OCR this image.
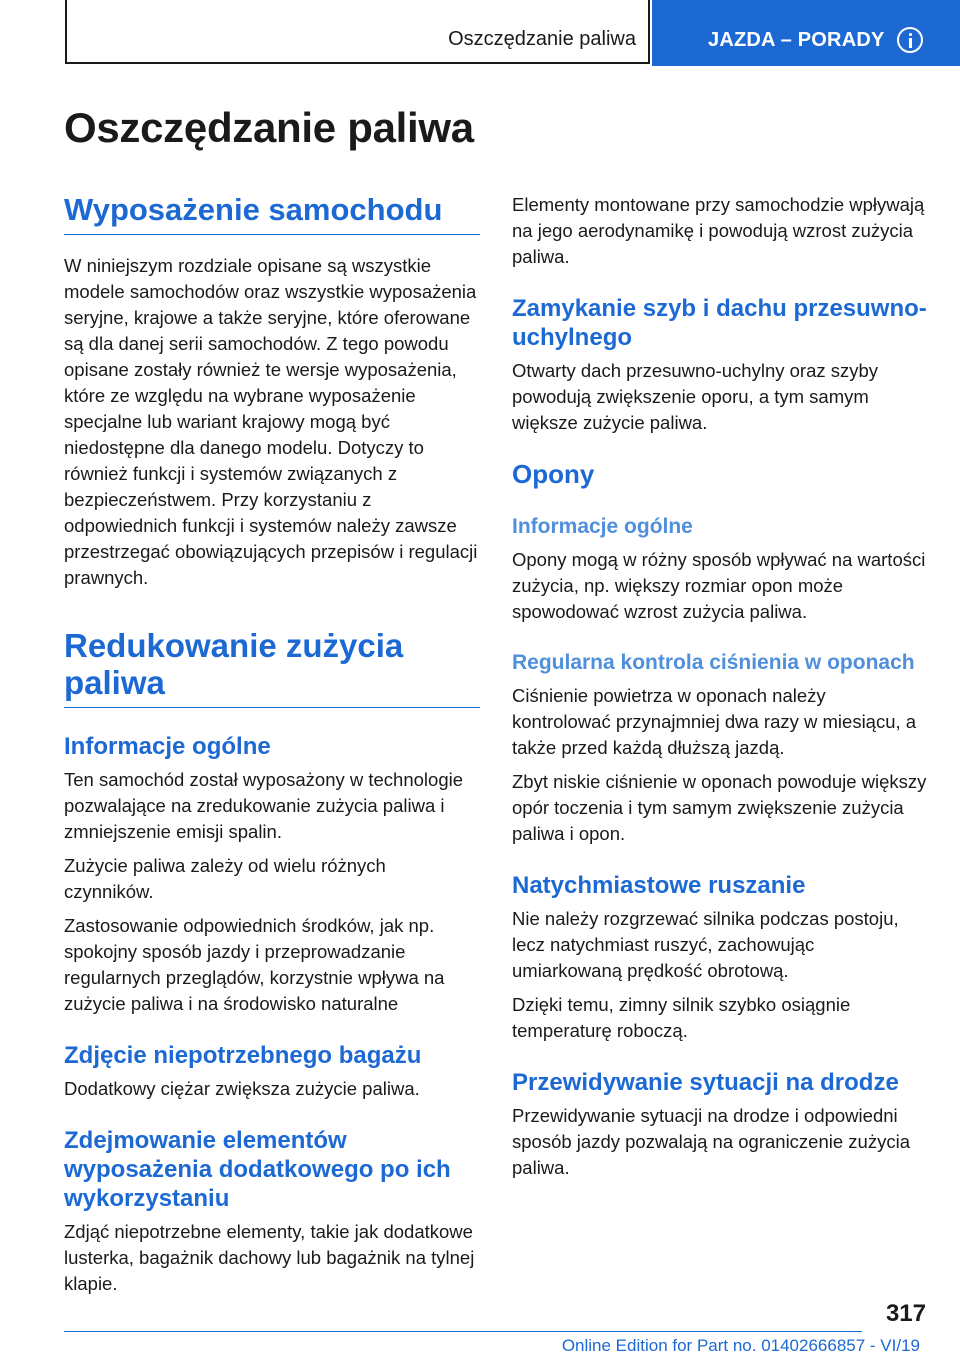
Oszczędzanie paliwa	JAZDA – PORADY
Oszczędzanie paliwa
Wyposażenie samochodu
W niniejszym rozdziale opisane są wszystkie modele samochodów oraz wszystkie wyposażenia seryjne, krajowe a także seryjne, które oferowane są dla danej serii samochodów. Z tego powodu opisane zostały również te wersje wyposażenia, które ze względu na wybrane wyposażenie specjalne lub wariant krajowy mogą być niedostępne dla danego modelu. Dotyczy to również funkcji i systemów związanych z bezpieczeństwem. Przy korzystaniu z odpowiednich funkcji i systemów należy zawsze przestrzegać obowiązujących przepisów i regulacji prawnych.
Redukowanie zużycia paliwa
Informacje ogólne
Ten samochód został wyposażony w technologie pozwalające na zredukowanie zużycia paliwa i zmniejszenie emisji spalin.
Zużycie paliwa zależy od wielu różnych czynników.
Zastosowanie odpowiednich środków, jak np. spokojny sposób jazdy i przeprowadzanie regularnych przeglądów, korzystnie wpływa na zużycie paliwa i na środowisko naturalne
Zdjęcie niepotrzebnego bagażu
Dodatkowy ciężar zwiększa zużycie paliwa.
Zdejmowanie elementów wyposażenia dodatkowego po ich wykorzystaniu
Zdjąć niepotrzebne elementy, takie jak dodatkowe lusterka, bagażnik dachowy lub bagażnik na tylnej klapie.
Elementy montowane przy samochodzie wpływają na jego aerodynamikę i powodują wzrost zużycia paliwa.
Zamykanie szyb i dachu przesuwno-uchylnego
Otwarty dach przesuwno-uchylny oraz szyby powodują zwiększenie oporu, a tym samym większe zużycie paliwa.
Opony
Informacje ogólne
Opony mogą w różny sposób wpływać na wartości zużycia, np. większy rozmiar opon może spowodować wzrost zużycia paliwa.
Regularna kontrola ciśnienia w oponach
Ciśnienie powietrza w oponach należy kontrolować przynajmniej dwa razy w miesiącu, a także przed każdą dłuższą jazdą.
Zbyt niskie ciśnienie w oponach powoduje większy opór toczenia i tym samym zwiększenie zużycia paliwa i opon.
Natychmiastowe ruszanie
Nie należy rozgrzewać silnika podczas postoju, lecz natychmiast ruszyć, zachowując umiarkowaną prędkość obrotową.
Dzięki temu, zimny silnik szybko osiągnie temperaturę roboczą.
Przewidywanie sytuacji na drodze
Przewidywanie sytuacji na drodze i odpowiedni sposób jazdy pozwalają na ograniczenie zużycia paliwa.
317
Online Edition for Part no. 01402666857 - VI/19
